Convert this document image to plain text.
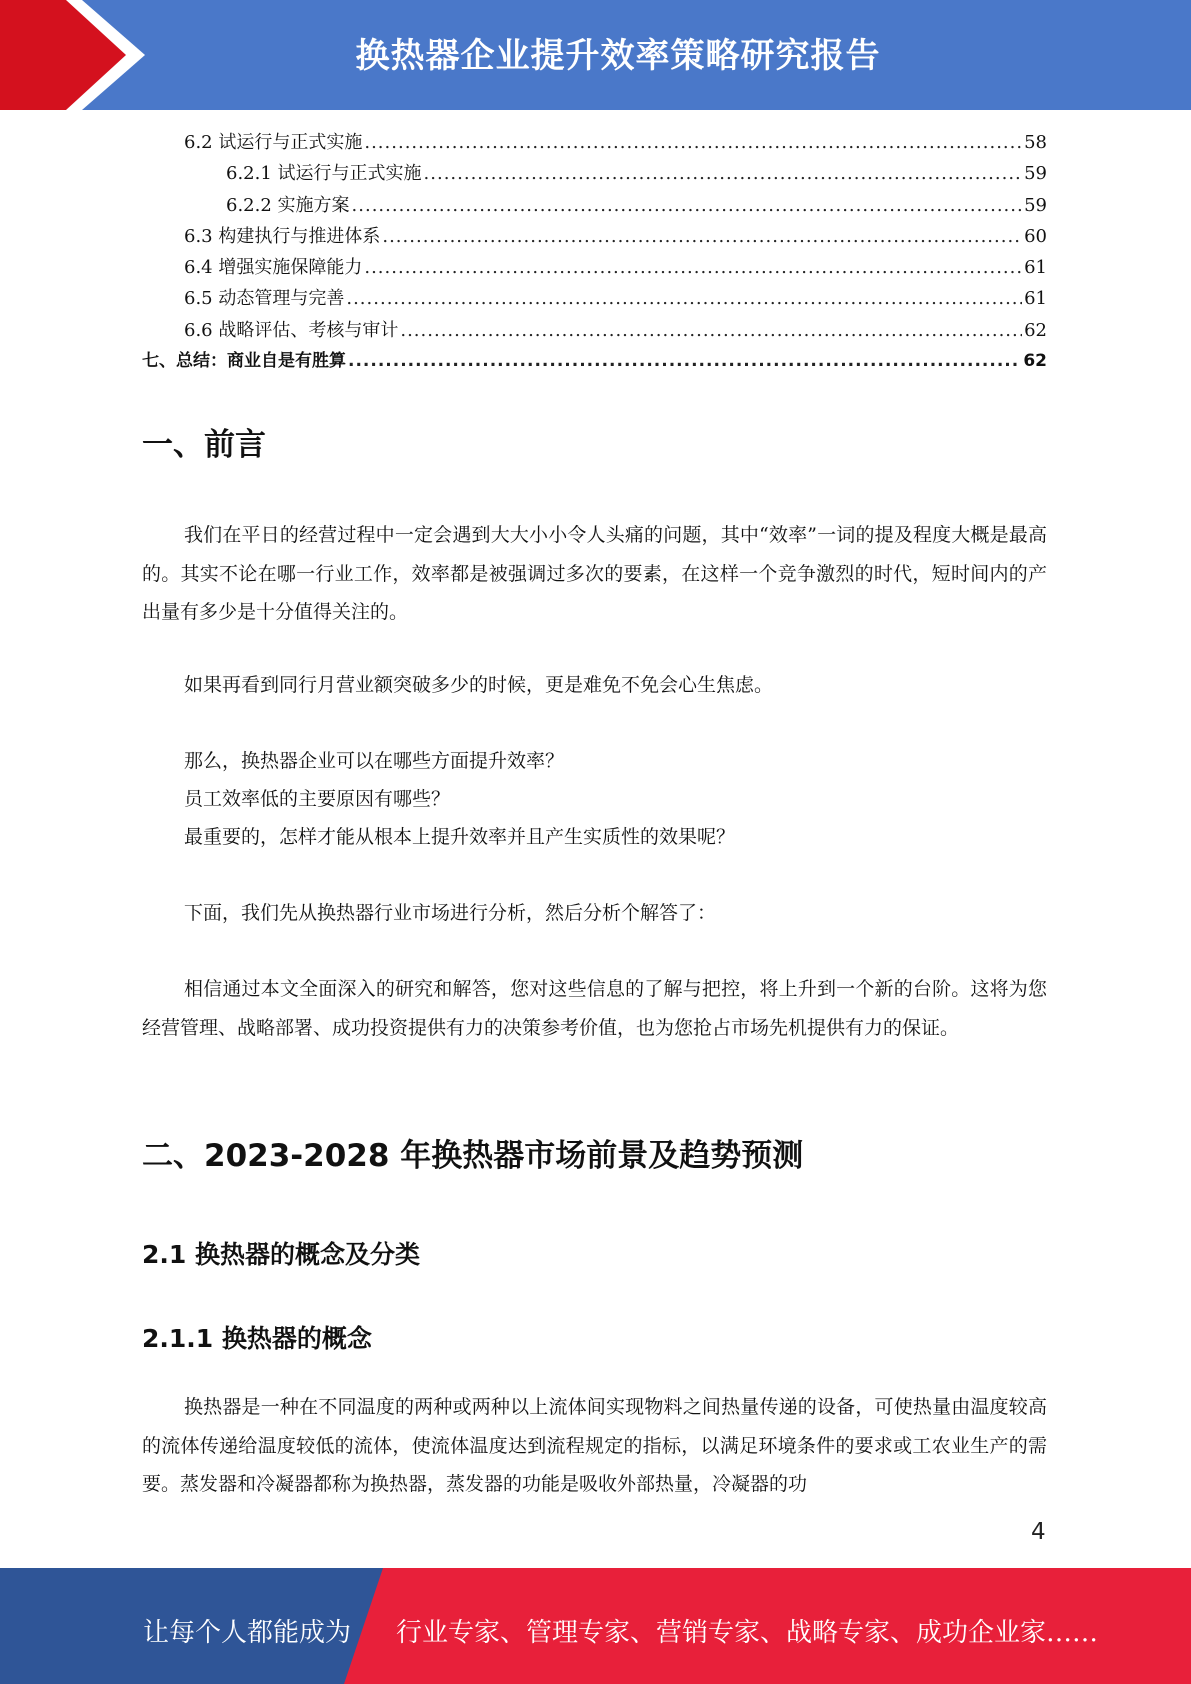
换热器企业提升效率策略研究报告
6.2 试运行与正式实施 .....	58
6.2.1 试运行与正式实施 .....	59
6.2.2 实施方案 .....	59
6.3 构建执行与推进体系 .....	60
6.4 增强实施保障能力 .....	61
6.5 动态管理与完善 .....	61
6.6 战略评估、考核与审计 .....	62
七、总结：商业自是有胜算 .....	62
一、前言

我们在平日的经营过程中一定会遇到大大小小令人头痛的问题，其中“效率”一词的提及程度大概是最高的。其实不论在哪一行业工作，效率都是被强调过多次的要素，在这样一个竞争激烈的时代，短时间内的产出量有多少是十分值得关注的。

如果再看到同行月营业额突破多少的时候，更是难免不免会心生焦虑。

那么，换热器企业可以在哪些方面提升效率？

员工效率低的主要原因有哪些？

最重要的，怎样才能从根本上提升效率并且产生实质性的效果呢？

下面，我们先从换热器行业市场进行分析，然后分析个解答了：

相信通过本文全面深入的研究和解答，您对这些信息的了解与把控，将上升到一个新的台阶。这将为您经营管理、战略部署、成功投资提供有力的决策参考价值，也为您抢占市场先机提供有力的保证。

二、2023-2028 年换热器市场前景及趋势预测
2.1 换热器的概念及分类
2.1.1 换热器的概念

换热器是一种在不同温度的两种或两种以上流体间实现物料之间热量传递的设备，可使热量由温度较高的流体传递给温度较低的流体，使流体温度达到流程规定的指标，以满足环境条件的要求或工农业生产的需要。蒸发器和冷凝器都称为换热器，蒸发器的功能是吸收外部热量，冷凝器的功

4
让每个人都能成为 行业专家、管理专家、营销专家、战略专家、成功企业家……
